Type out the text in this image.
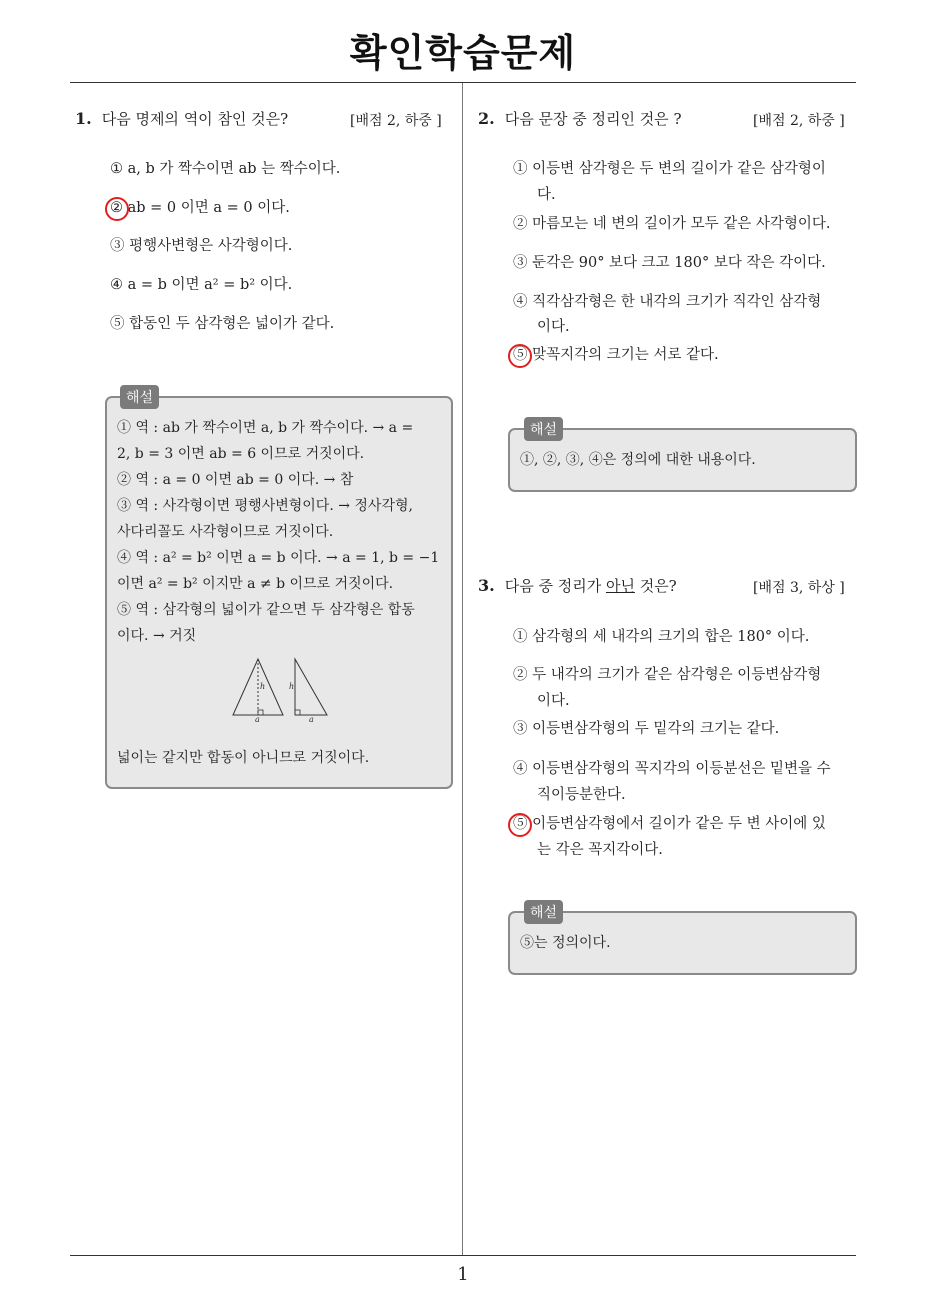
확인학습문제
1. 다음 명제의 역이 참인 것은?	[배점 2, 하중 ]
① a, b 가 짝수이면 ab 는 짝수이다.
② ab = 0 이면 a = 0 이다.
③ 평행사변형은 사각형이다.
④ a = b 이면 a² = b² 이다.
⑤ 합동인 두 삼각형은 넓이가 같다.
해설
① 역 : ab 가 짝수이면 a, b 가 짝수이다. → a =
2, b = 3 이면 ab = 6 이므로 거짓이다.
② 역 : a = 0 이면 ab = 0 이다. → 참
③ 역 : 사각형이면 평행사변형이다. → 정사각형,
사다리꼴도 사각형이므로 거짓이다.
④ 역 : a² = b² 이면 a = b 이다. → a = 1, b = −1
이면 a² = b² 이지만 a ≠ b 이므로 거짓이다.
⑤ 역 : 삼각형의 넓이가 같으면 두 삼각형은 합동
이다. → 거짓
h	h
a	a
넓이는 같지만 합동이 아니므로 거짓이다.
2. 다음 문장 중 정리인 것은 ?	[배점 2, 하중 ]
① 이등변 삼각형은 두 변의 길이가 같은 삼각형이
다.
② 마름모는 네 변의 길이가 모두 같은 사각형이다.
③ 둔각은 90° 보다 크고 180° 보다 작은 각이다.
④ 직각삼각형은 한 내각의 크기가 직각인 삼각형
이다.
⑤ 맞꼭지각의 크기는 서로 같다.
해설
①, ②, ③, ④은 정의에 대한 내용이다.
3. 다음 중 정리가 아닌 것은?	[배점 3, 하상 ]
① 삼각형의 세 내각의 크기의 합은 180° 이다.
② 두 내각의 크기가 같은 삼각형은 이등변삼각형
이다.
③ 이등변삼각형의 두 밑각의 크기는 같다.
④ 이등변삼각형의 꼭지각의 이등분선은 밑변을 수
직이등분한다.
⑤ 이등변삼각형에서 길이가 같은 두 변 사이에 있
는 각은 꼭지각이다.
해설
⑤는 정의이다.
1
